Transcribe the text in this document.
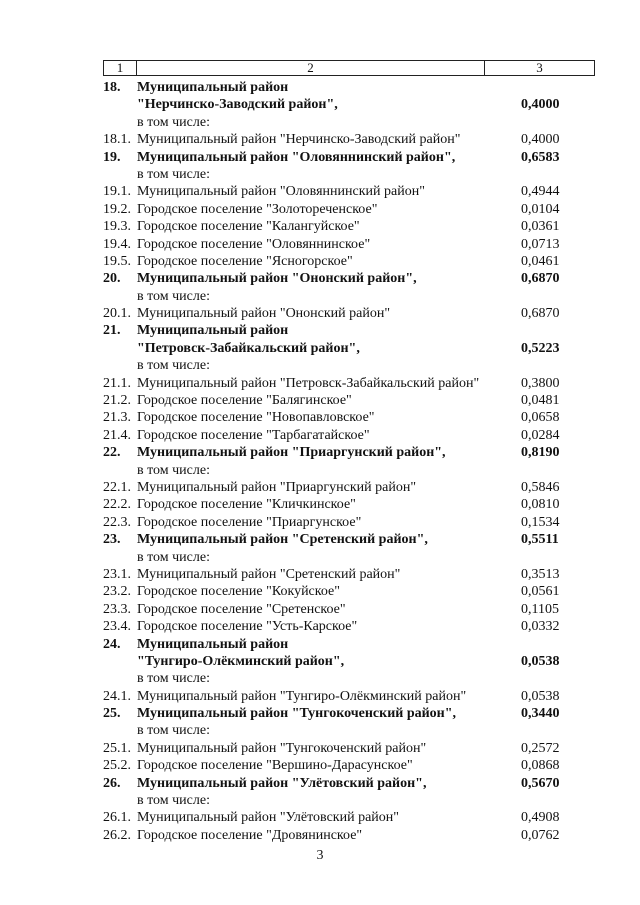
1	2	3
18. Муниципальный район
"Нерчинско-Заводский район",	0,4000
в том числе:
18.1. Муниципальный район "Нерчинско-Заводский район"	0,4000
19. Муниципальный район "Оловяннинский район",	0,6583
в том числе:
19.1. Муниципальный район "Оловяннинский район"	0,4944
19.2. Городское поселение "Золотореченское"	0,0104
19.3. Городское поселение "Калангуйское"	0,0361
19.4. Городское поселение "Оловяннинское"	0,0713
19.5. Городское поселение "Ясногорское"	0,0461
20. Муниципальный район "Ононский район",	0,6870
в том числе:
20.1. Муниципальный район "Ононский район"	0,6870
21. Муниципальный район
"Петровск-Забайкальский район",	0,5223
в том числе:
21.1. Муниципальный район "Петровск-Забайкальский район"	0,3800
21.2. Городское поселение "Балягинское"	0,0481
21.3. Городское поселение "Новопавловское"	0,0658
21.4. Городское поселение "Тарбагатайское"	0,0284
22. Муниципальный район "Приаргунский район",	0,8190
в том числе:
22.1. Муниципальный район "Приаргунский район"	0,5846
22.2. Городское поселение "Кличкинское"	0,0810
22.3. Городское поселение "Приаргунское"	0,1534
23. Муниципальный район "Сретенский район",	0,5511
в том числе:
23.1. Муниципальный район "Сретенский район"	0,3513
23.2. Городское поселение "Кокуйское"	0,0561
23.3. Городское поселение "Сретенское"	0,1105
23.4. Городское поселение "Усть-Карское"	0,0332
24. Муниципальный район
"Тунгиро-Олёкминский район",	0,0538
в том числе:
24.1. Муниципальный район "Тунгиро-Олёкминский район"	0,0538
25. Муниципальный район "Тунгокоченский район",	0,3440
в том числе:
25.1. Муниципальный район "Тунгокоченский район"	0,2572
25.2. Городское поселение "Вершино-Дарасунское"	0,0868
26. Муниципальный район "Улётовский район",	0,5670
в том числе:
26.1. Муниципальный район "Улётовский район"	0,4908
26.2. Городское поселение "Дровянинское"	0,0762
3
